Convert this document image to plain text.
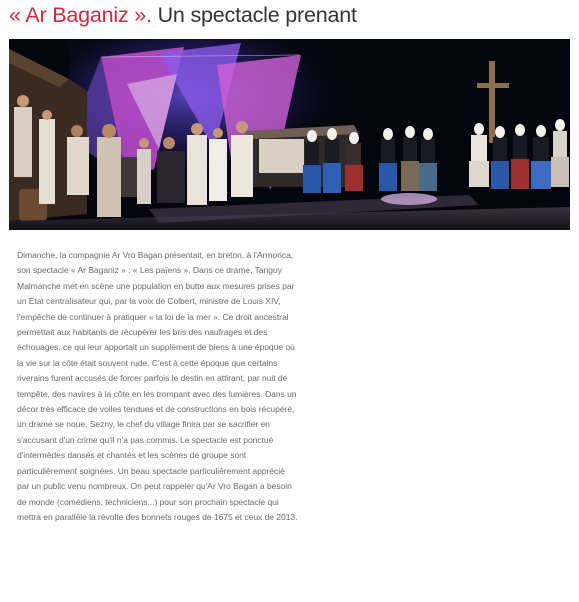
« Ar Baganiz ». Un spectacle prenant

Dimanche, la compagnie Ar Vro Bagan présentait, en breton, à l'Armorica,
son spectacle « Ar Baganiz » : « Les païens ». Dans ce drame, Tanguy
Malmanche met en scène une population en butte aux mesures prises par
un État centralisateur qui, par la voix de Colbert, ministre de Louis XIV,
l'empêche de continuer à pratiquer « la loi de la mer ». Ce droit ancestral
permettait aux habitants de récupérer les bris des naufrages et des
échouages, ce qui leur apportait un supplément de biens à une époque où
la vie sur la côte était souvent rude. C'est à cette époque que certains
riverains furent accusés de forcer parfois le destin en attirant, par nuit de
tempête, des navires à la côte en les trompant avec des lumières. Dans un
décor très efficace de voiles tendues et de constructions en bois récupéré,
un drame se noue. Sezny, le chef du village finira par se sacrifier en
s'accusant d'un crime qu'il n'a pas commis. Le spectacle est ponctué
d'intermèdes dansés et chantés et les scènes de groupe sont
particulièrement soignées. Un beau spectacle particulièrement apprécié
par un public venu nombreux. On peut rappeler qu'Ar Vro Bagan a besoin
de monde (comédiens, techniciens...) pour son prochain spectacle qui
mettra en parallèle la révolte des bonnets rouges de 1675 et ceux de 2013.
